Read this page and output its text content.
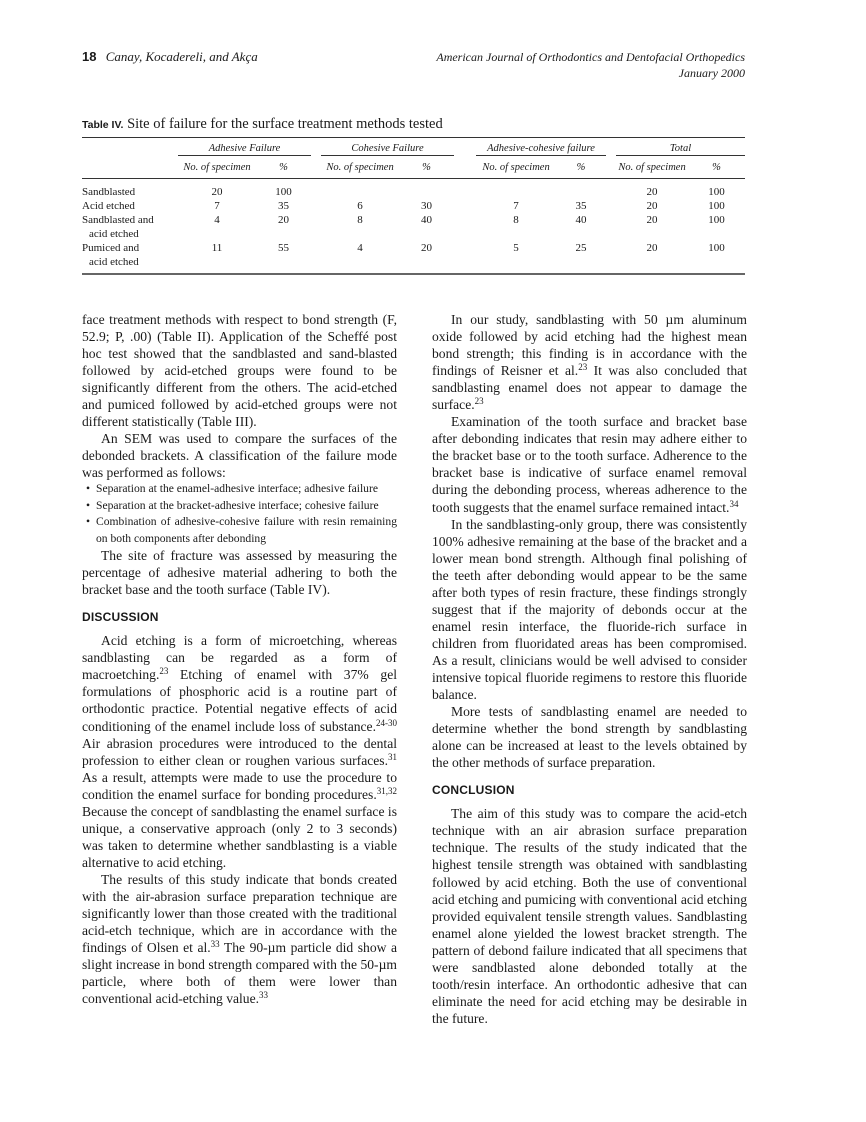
18 Canay, Kocadereli, and Akça	American Journal of Orthodontics and Dentofacial Orthopedics
January 2000
Table IV. Site of failure for the surface treatment methods tested
	Adhesive Failure			Cohesive Failure			Adhesive-cohesive failure			Total	
	No. of specimen	%		No. of specimen	%		No. of specimen	%		No. of specimen	%

Sandblasted	20	100								20	100

Acid etched	7	35		6	30		7	35		20	100

Sandblasted and
acid etched	4	20		8	40		8	40		20	100

Pumiced and
acid etched	11	55		4	20		5	25		20	100

face treatment methods with respect to bond strength (F, 52.9; P, .00) (Table II). Application of the Scheffé post hoc test showed that the sandblasted and sand-blasted followed by acid-etched groups were found to be significantly different from the others. The acid-etched and pumiced followed by acid-etched groups were not different statistically (Table III).

An SEM was used to compare the surfaces of the debonded brackets. A classification of the failure mode was performed as follows:

• Separation at the enamel-adhesive interface; adhesive failure
• Separation at the bracket-adhesive interface; cohesive failure
• Combination of adhesive-cohesive failure with resin remaining on both components after debonding

The site of fracture was assessed by measuring the percentage of adhesive material adhering to both the bracket base and the tooth surface (Table IV).

DISCUSSION

Acid etching is a form of microetching, whereas sandblasting can be regarded as a form of macroetching.$^{23}$ Etching of enamel with 37% gel formulations of phosphoric acid is a routine part of orthodontic practice. Potential negative effects of acid conditioning of the enamel include loss of substance.$^{24-30}$ Air abrasion procedures were introduced to the dental profession to either clean or roughen various surfaces.$^{31}$ As a result, attempts were made to use the procedure to condition the enamel surface for bonding procedures.$^{31,32}$ Because the concept of sandblasting the enamel surface is unique, a conservative approach (only 2 to 3 seconds) was taken to determine whether sandblasting is a viable alternative to acid etching.

The results of this study indicate that bonds created with the air-abrasion surface preparation technique are significantly lower than those created with the traditional acid-etch technique, which are in accordance with the findings of Olsen et al.$^{33}$ The 90-µm particle did show a slight increase in bond strength compared with the 50-µm particle, where both of them were lower than conventional acid-etching value.$^{33}$

In our study, sandblasting with 50 µm aluminum oxide followed by acid etching had the highest mean bond strength; this finding is in accordance with the findings of Reisner et al.$^{23}$ It was also concluded that sandblasting enamel does not appear to damage the surface.$^{23}$

Examination of the tooth surface and bracket base after debonding indicates that resin may adhere either to the bracket base or to the tooth surface. Adherence to the bracket base is indicative of surface enamel removal during the debonding process, whereas adherence to the tooth suggests that the enamel surface remained intact.$^{34}$

In the sandblasting-only group, there was consistently 100% adhesive remaining at the base of the bracket and a lower mean bond strength. Although final polishing of the teeth after debonding would appear to be the same after both types of resin fracture, these findings strongly suggest that if the majority of debonds occur at the enamel resin interface, the fluoride-rich surface in children from fluoridated areas has been compromised. As a result, clinicians would be well advised to consider intensive topical fluoride regimens to restore this fluoride balance.

More tests of sandblasting enamel are needed to determine whether the bond strength by sandblasting alone can be increased at least to the levels obtained by the other methods of surface preparation.

CONCLUSION

The aim of this study was to compare the acid-etch technique with an air abrasion surface preparation technique. The results of the study indicated that the highest tensile strength was obtained with sandblasting followed by acid etching. Both the use of conventional acid etching and pumicing with conventional acid etching provided equivalent tensile strength values. Sandblasting enamel alone yielded the lowest bracket strength. The pattern of debond failure indicated that all specimens that were sandblasted alone debonded totally at the tooth/resin interface. An orthodontic adhesive that can eliminate the need for acid etching may be desirable in the future.
